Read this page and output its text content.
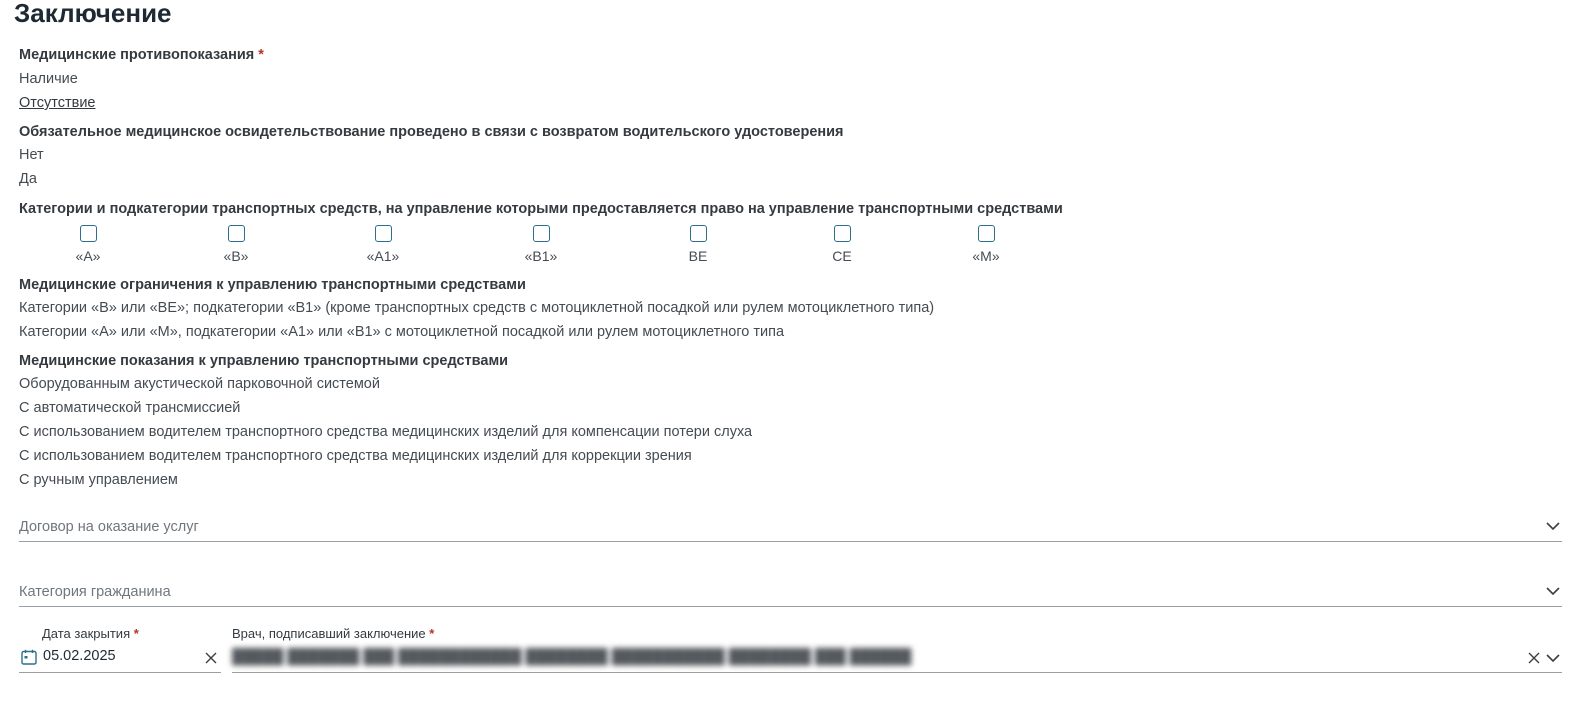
Заключение
Медицинские противопоказания *
Наличие
Отсутствие
Обязательное медицинское освидетельствование проведено в связи с возвратом водительского удостоверения
Нет
Да
Категории и подкатегории транспортных средств, на управление которыми предоставляется право на управление транспортными средствами
«А»	«В»	«А1»	«В1»	ВЕ	СЕ	«М»
Медицинские ограничения к управлению транспортными средствами
Категории «В» или «ВЕ»; подкатегории «В1» (кроме транспортных средств с мотоциклетной посадкой или рулем мотоциклетного типа)
Категории «А» или «М», подкатегории «А1» или «В1» с мотоциклетной посадкой или рулем мотоциклетного типа
Медицинские показания к управлению транспортными средствами
Оборудованным акустической парковочной системой
С автоматической трансмиссией
С использованием водителем транспортного средства медицинских изделий для компенсации потери слуха
С использованием водителем транспортного средства медицинских изделий для коррекции зрения
С ручным управлением
Договор на оказание услуг
Категория гражданина
Дата закрытия *
05.02.2025
Врач, подписавший заключение *
█████ ███████ ███ ████████████ ████████ ███████████ ████████ ███ ██████
